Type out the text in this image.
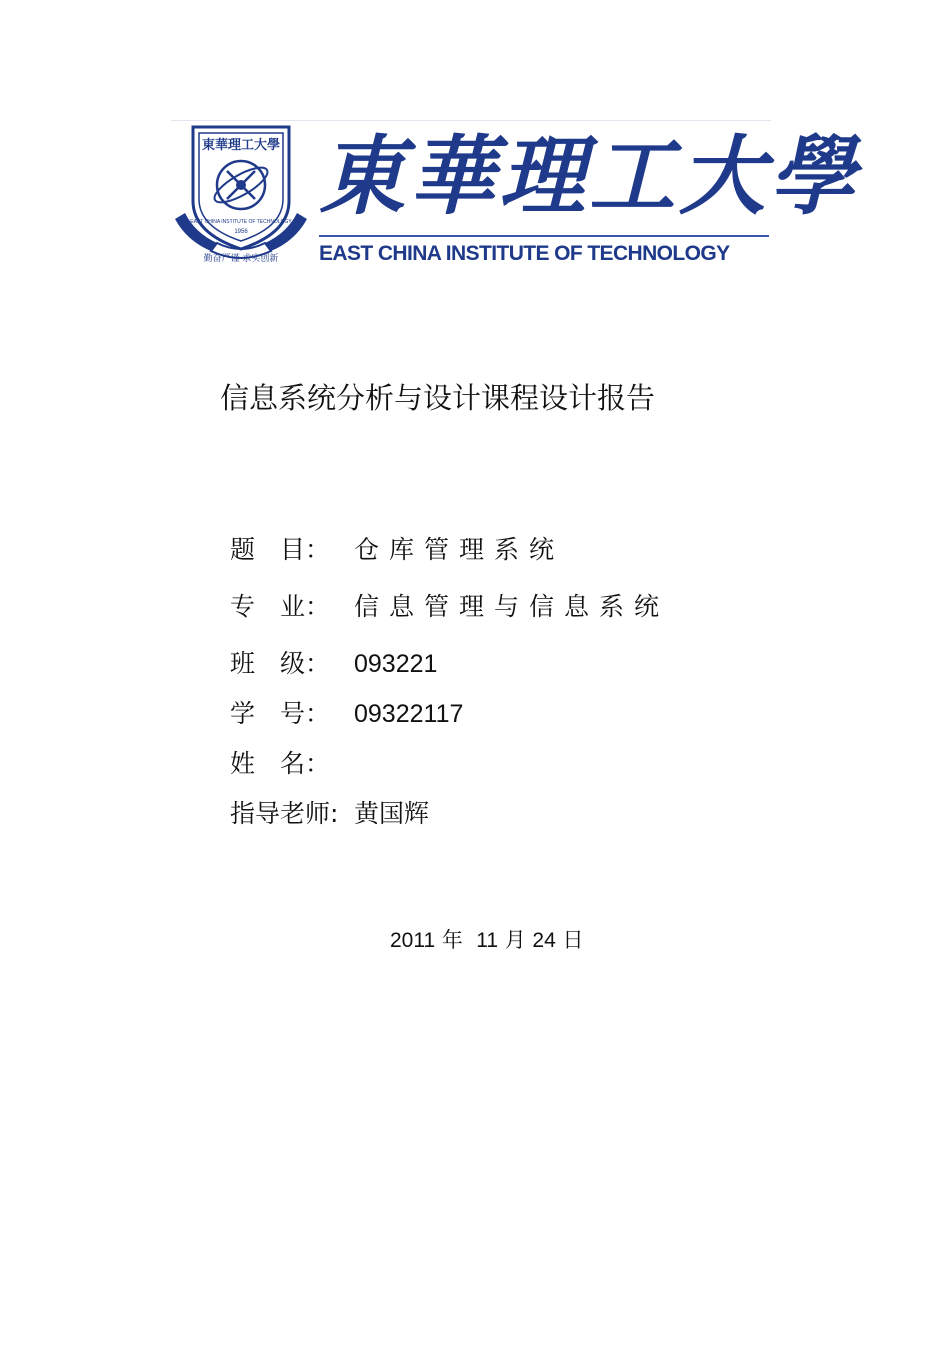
東華理工大學
EAST CHINA INSTITUTE OF TECHNOLOGY
1956
勤奋严谨 求实创新
東華理工大學
EAST CHINA INSTITUTE OF TECHNOLOGY
信息系统分析与设计课程设计报告
题　目： 仓库管理系统
专　业： 信息管理与信息系统
班　级： 093221
学　号： 09322117
姓　名：
指导老师: 黄国辉
2011 年 11 月 24 日
